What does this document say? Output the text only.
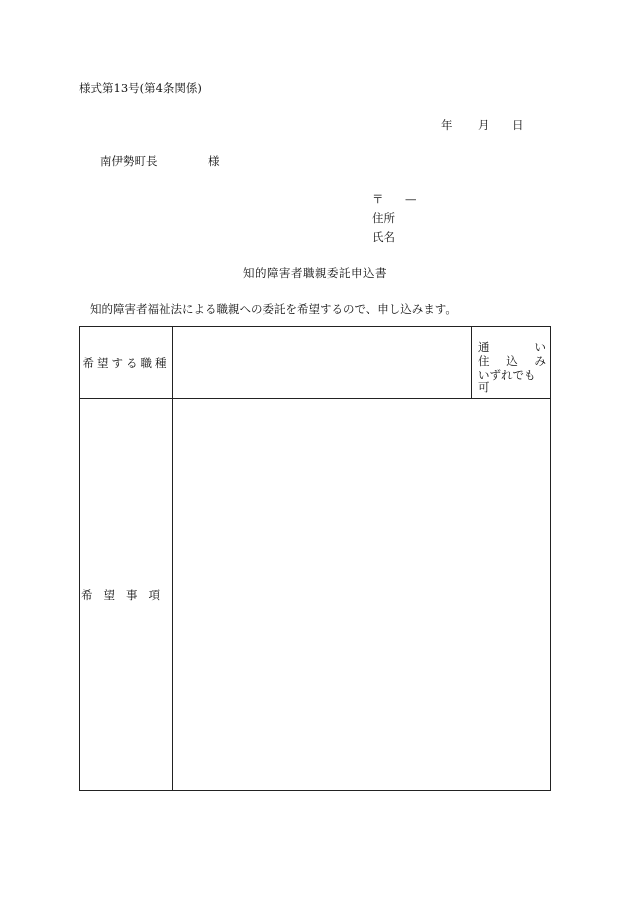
様式第13号(第4条関係)
年 月 日
南伊勢町長	様
〒 —
住所
氏名
知的障害者職親委託申込書
知的障害者福祉法による職親への委託を希望するので、申し込みます。
希望する職種
通	い
住 込 み
いずれでも可
希望事項
